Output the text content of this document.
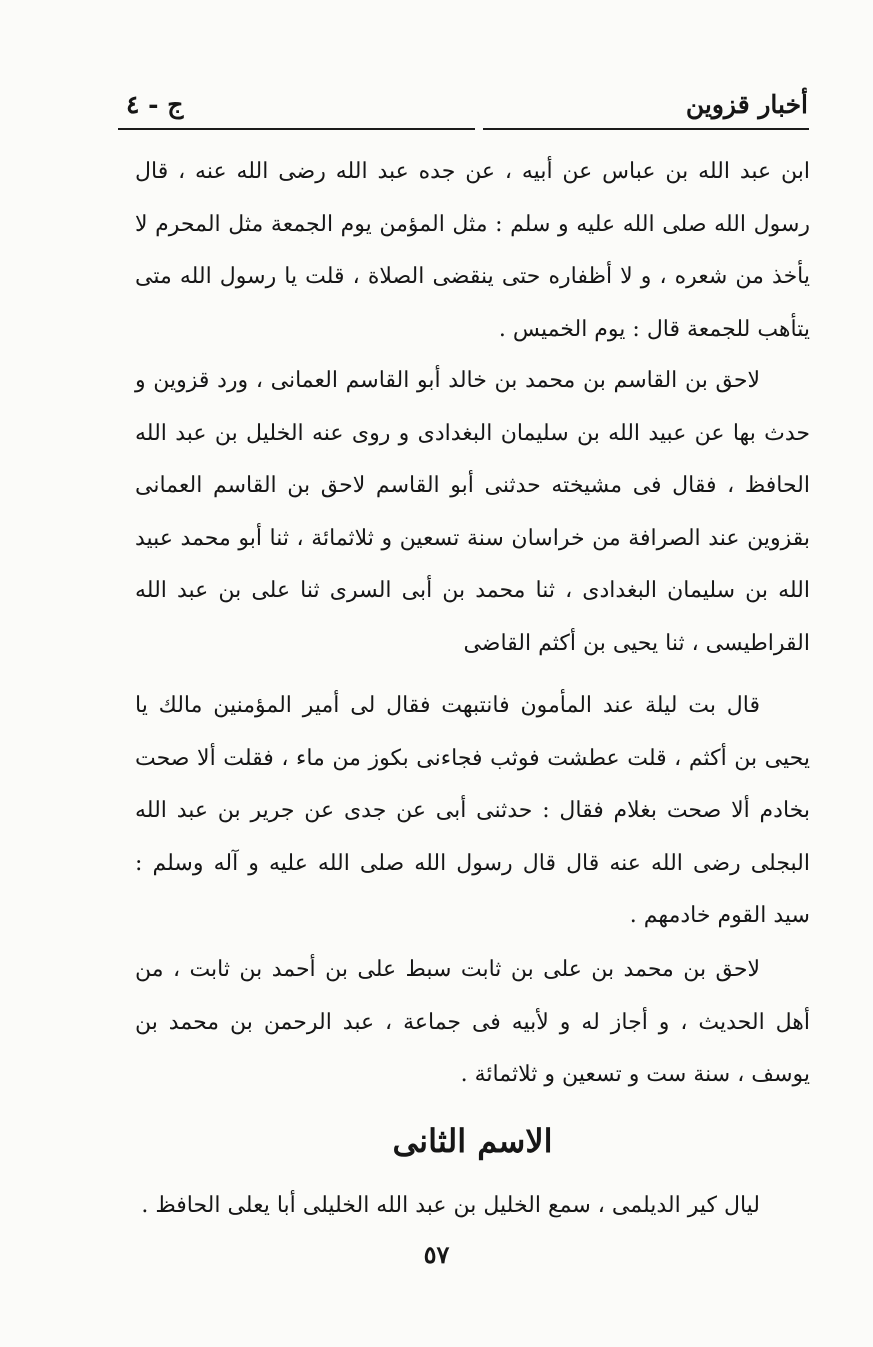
أخبار قزوين
ج - ٤

ابن عبد الله بن عباس عن أبيه ، عن جده عبد الله رضى الله عنه ، قال رسول الله صلى الله عليه و سلم : مثل المؤمن يوم الجمعة مثل المحرم لا يأخذ من شعره ، و لا أظفاره حتى ينقضى الصلاة ، قلت يا رسول الله متى يتأهب للجمعة قال : يوم الخميس .

لاحق بن القاسم بن محمد بن خالد أبو القاسم العمانى ، ورد قزوين و حدث بها عن عبيد الله بن سليمان البغدادى و روى عنه الخليل بن عبد الله الحافظ ، فقال فى مشيخته حدثنى أبو القاسم لاحق بن القاسم العمانى بقزوين عند الصرافة من خراسان سنة تسعين و ثلاثمائة ، ثنا أبو محمد عبيد الله بن سليمان البغدادى ، ثنا محمد بن أبى السرى ثنا على بن عبد الله القراطيسى ، ثنا يحيى بن أكثم القاضى

قال بت ليلة عند المأمون فانتبهت فقال لى أمير المؤمنين مالك يا يحيى بن أكثم ، قلت عطشت فوثب فجاءنى بكوز من ماء ، فقلت ألا صحت بخادم ألا صحت بغلام فقال : حدثنى أبى عن جدى عن جرير بن عبد الله البجلى رضى الله عنه قال قال رسول الله صلى الله عليه و آله وسلم : سيد القوم خادمهم .

لاحق بن محمد بن على بن ثابت سبط على بن أحمد بن ثابت ، من أهل الحديث ، و أجاز له و لأبيه فى جماعة ، عبد الرحمن بن محمد بن يوسف ، سنة ست و تسعين و ثلاثمائة .

الاسم الثانى

ليال كير الديلمى ، سمع الخليل بن عبد الله الخليلى أبا يعلى الحافظ .

٥٧
